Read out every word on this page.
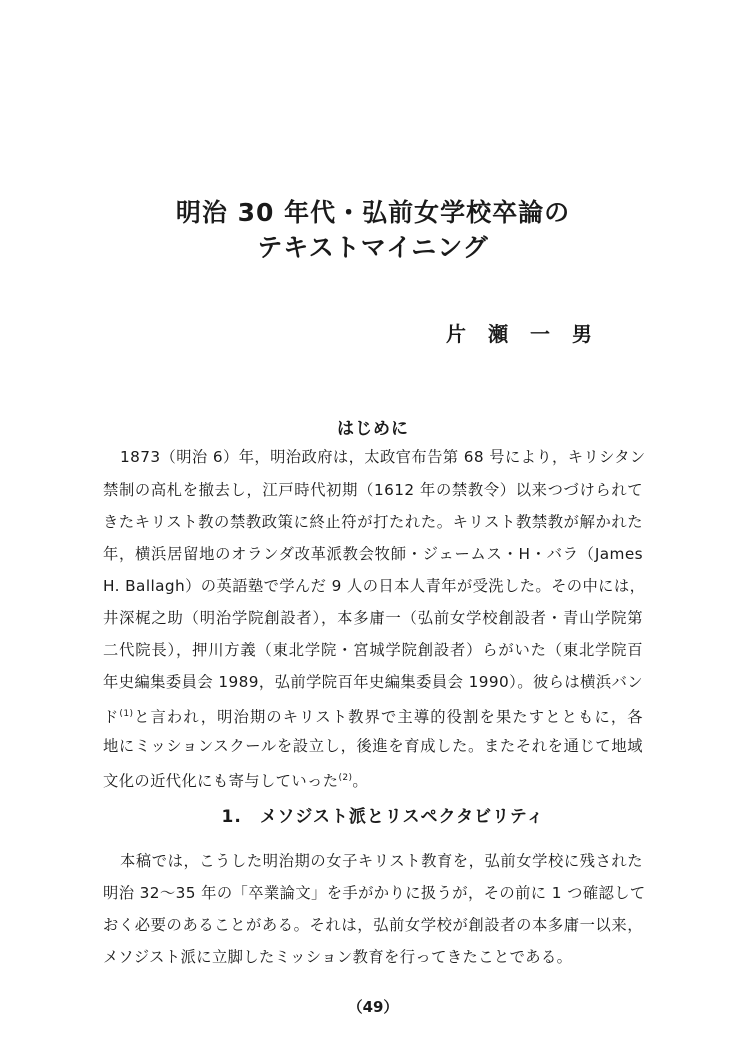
明治 30 年代・弘前女学校卒論の
テキストマイニング
片瀬一男
はじめに
1873（明治 6）年，明治政府は，太政官布告第 68 号により，キリシタン
禁制の高札を撤去し，江戸時代初期（1612 年の禁教令）以来つづけられて
きたキリスト教の禁教政策に終止符が打たれた。キリスト教禁教が解かれた
年，横浜居留地のオランダ改革派教会牧師・ジェームス・H・バラ（James
H. Ballagh）の英語塾で学んだ 9 人の日本人青年が受洗した。その中には，
井深梶之助（明治学院創設者），本多庸一（弘前女学校創設者・青山学院第
二代院長），押川方義（東北学院・宮城学院創設者）らがいた（東北学院百
年史編集委員会 1989，弘前学院百年史編集委員会 1990）。彼らは横浜バン
ド$^{(1)}$と言われ，明治期のキリスト教界で主導的役割を果たすとともに，各
地にミッションスクールを設立し，後進を育成した。またそれを通じて地域
文化の近代化にも寄与していった$^{(2)}$。
1.　メソジスト派とリスペクタビリティ
本稿では，こうした明治期の女子キリスト教育を，弘前女学校に残された
明治 32〜35 年の「卒業論文」を手がかりに扱うが，その前に 1 つ確認して
おく必要のあることがある。それは，弘前女学校が創設者の本多庸一以来，
メソジスト派に立脚したミッション教育を行ってきたことである。
（49）
